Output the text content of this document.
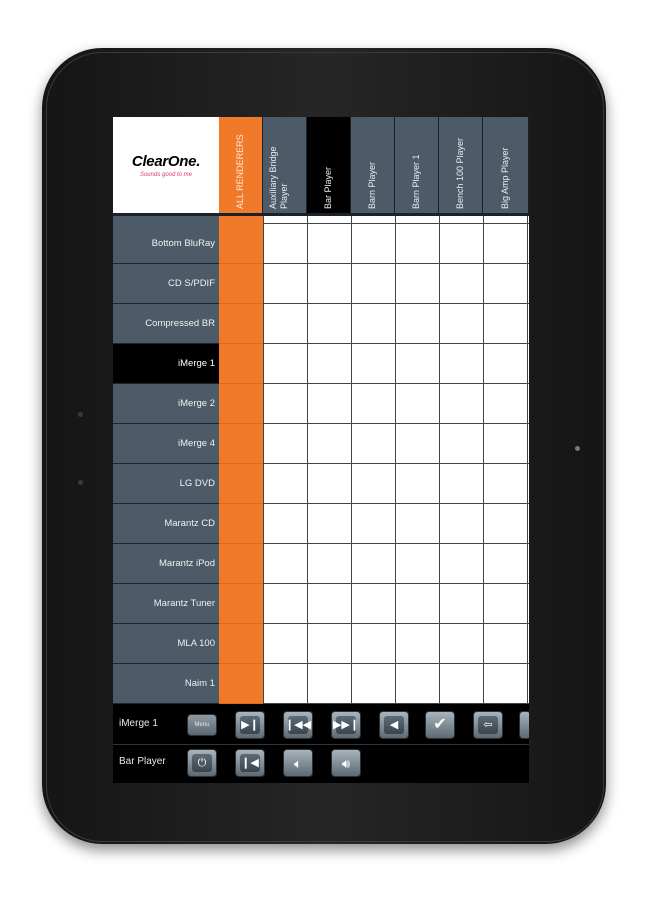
ClearOne.
Sounds good to me	ALL RENDERERS	Auxiliary Bridge Player	Bar Player	Barn Player	Barn Player 1	Bench 100 Player	Big Amp Player
Bottom BluRay
CD S/PDIF
Compressed BR
iMerge 1
iMerge 2
iMerge 4
LG DVD
Marantz CD
Marantz iPod
Marantz Tuner
MLA 100
Naim 1
iMerge 1	Menu	▶︎❙ ❙◀◀ ▶▶❙	◀	✔	⇦
Bar Player	⏻	❙◀	🔈︎	🔊︎
